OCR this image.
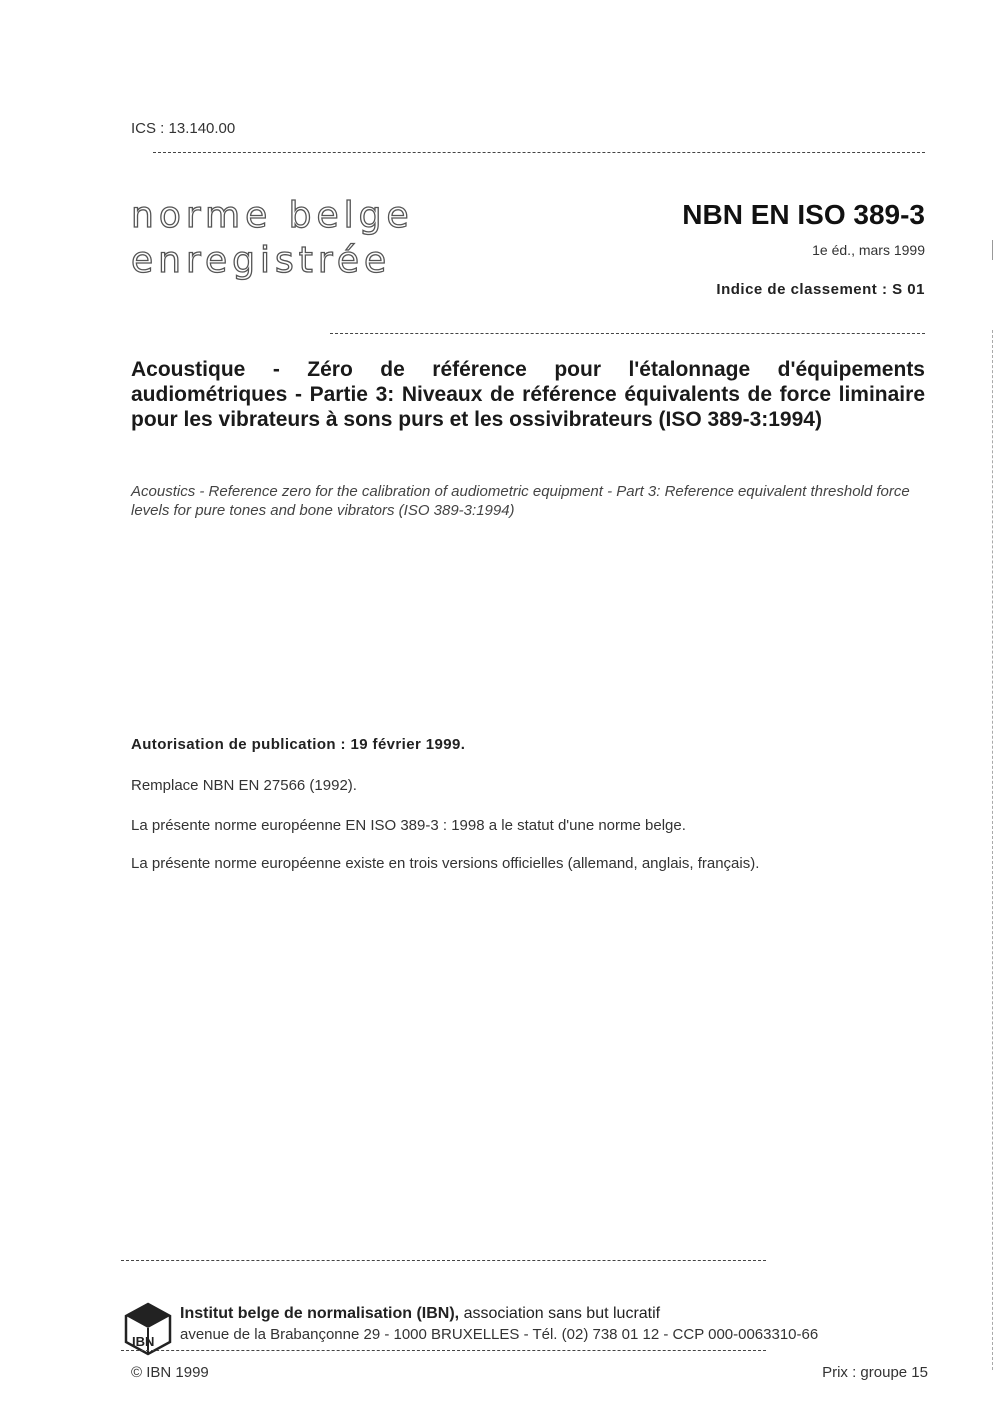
ICS : 13.140.00
norme belge
enregistrée
NBN EN ISO 389-3
1e éd., mars 1999
Indice de classement : S 01
Acoustique - Zéro de référence pour l'étalonnage d'équipements audiométriques - Partie 3: Niveaux de référence équivalents de force liminaire pour les vibrateurs à sons purs et les ossivibrateurs (ISO 389-3:1994)
Acoustics - Reference zero for the calibration of audiometric equipment - Part 3: Reference equivalent threshold force levels for pure tones and bone vibrators (ISO 389-3:1994)
Autorisation de publication : 19 février 1999.
Remplace NBN EN 27566 (1992).
La présente norme européenne EN ISO 389-3 : 1998 a le statut d'une norme belge.
La présente norme européenne existe en trois versions officielles (allemand, anglais, français).
IBN
Institut belge de normalisation (IBN), association sans but lucratif
avenue de la Brabançonne 29 - 1000 BRUXELLES - Tél. (02) 738 01 12 - CCP 000-0063310-66
© IBN 1999	Prix : groupe 15
